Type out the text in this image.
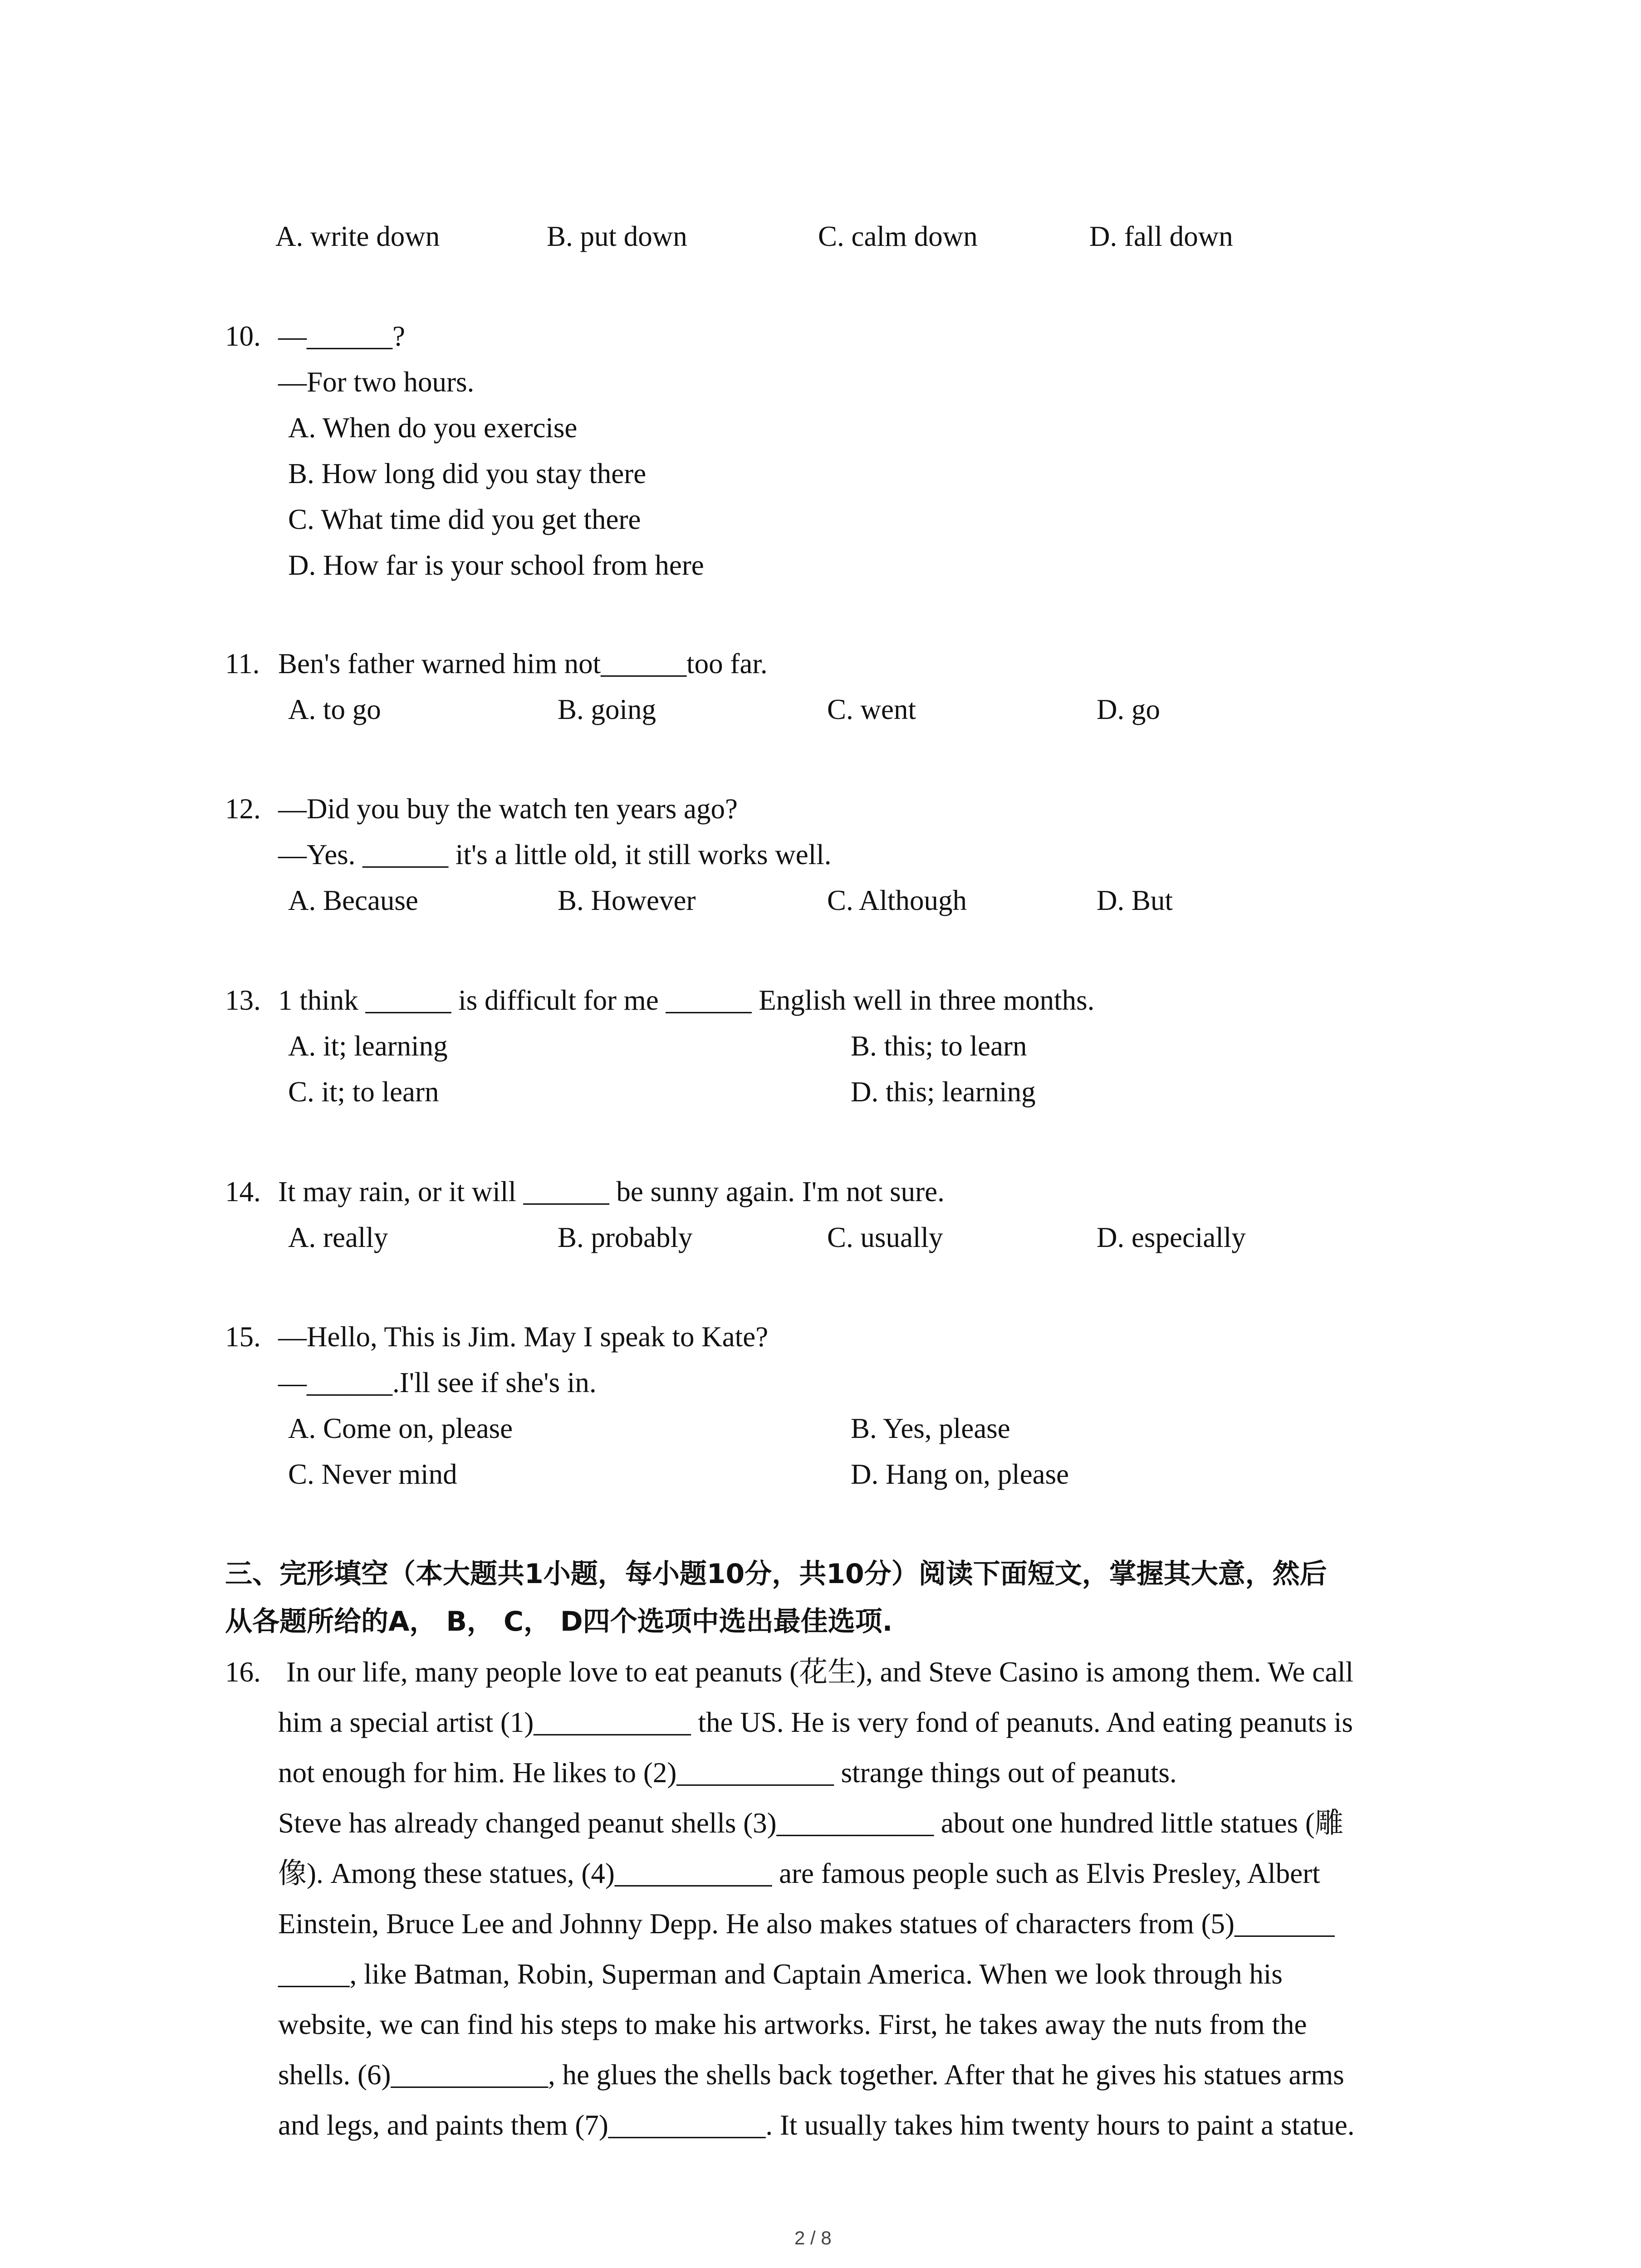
A. write down	B. put down	C. calm down	D. fall down
10. —______?
—For two hours.
A. When do you exercise
B. How long did you stay there
C. What time did you get there
D. How far is your school from here
11. Ben's father warned him not______too far.
A. to go	B. going	C. went	D. go
12. —Did you buy the watch ten years ago?
—Yes. ______ it's a little old, it still works well.
A. Because	B. However	C. Although	D. But
13. 1 think ______ is difficult for me ______ English well in three months.
A. it; learning	B. this; to learn
C. it; to learn	D. this; learning
14. It may rain, or it will ______ be sunny again. I'm not sure.
A. really	B. probably	C. usually	D. especially
15. —Hello, This is Jim. May I speak to Kate?
—______.I'll see if she's in.
A. Come on, please	B. Yes, please
C. Never mind	D. Hang on, please
三、完形填空（本大题共1小题，每小题10分，共10分）阅读下面短文，掌握其大意，然后
从各题所给的A， B， C， D四个选项中选出最佳选项.
16. In our life, many people love to eat peanuts (花生), and Steve Casino is among them. We call
him a special artist (1)___________ the US. He is very fond of peanuts. And eating peanuts is
not enough for him. He likes to (2)___________ strange things out of peanuts.
Steve has already changed peanut shells (3)___________ about one hundred little statues (雕
像). Among these statues, (4)___________ are famous people such as Elvis Presley, Albert
Einstein, Bruce Lee and Johnny Depp. He also makes statues of characters from (5)_______
_____, like Batman, Robin, Superman and Captain America. When we look through his
website, we can find his steps to make his artworks. First, he takes away the nuts from the
shells. (6)___________, he glues the shells back together. After that he gives his statues arms
and legs, and paints them (7)___________. It usually takes him twenty hours to paint a statue.
2 / 8
